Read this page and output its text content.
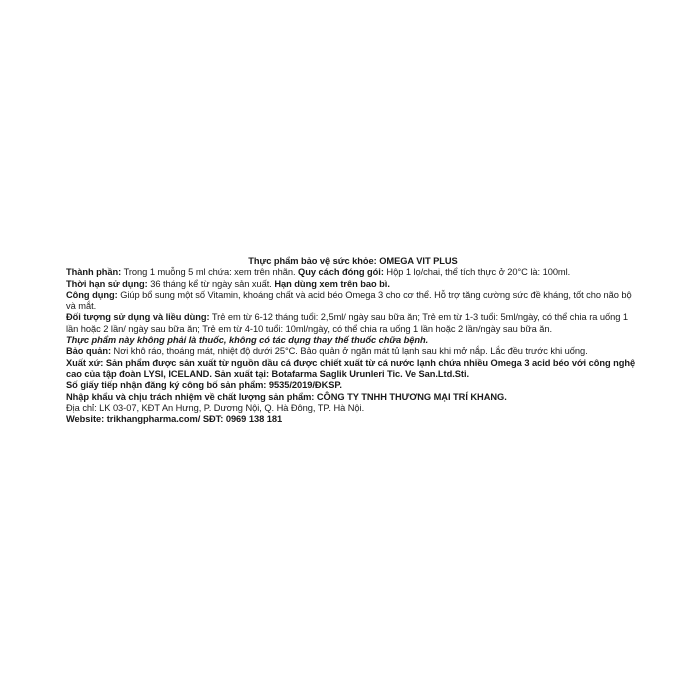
Thực phẩm bảo vệ sức khỏe: OMEGA VIT PLUS
Thành phần: Trong 1 muỗng 5 ml chứa: xem trên nhãn. Quy cách đóng gói: Hộp 1 lọ/chai, thể tích thực ở 20°C là: 100ml.
Thời hạn sử dụng: 36 tháng kể từ ngày sản xuất. Hạn dùng xem trên bao bì.
Công dụng: Giúp bổ sung một số Vitamin, khoáng chất và acid béo Omega 3 cho cơ thể. Hỗ trợ tăng cường sức đề kháng, tốt cho não bộ và mắt.
Đối tượng sử dụng và liều dùng: Trẻ em từ 6-12 tháng tuổi: 2,5ml/ ngày sau bữa ăn; Trẻ em từ 1-3 tuổi: 5ml/ngày, có thể chia ra uống 1 lần hoặc 2 lần/ ngày sau bữa ăn; Trẻ em từ 4-10 tuổi: 10ml/ngày, có thể chia ra uống 1 lần hoặc 2 lần/ngày sau bữa ăn.
Thực phẩm này không phải là thuốc, không có tác dụng thay thế thuốc chữa bệnh.
Bảo quản: Nơi khô ráo, thoáng mát, nhiệt độ dưới 25°C. Bảo quản ở ngăn mát tủ lạnh sau khi mở nắp. Lắc đều trước khi uống.
Xuất xứ: Sản phẩm được sản xuất từ nguồn dầu cá được chiết xuất từ cá nước lạnh chứa nhiều Omega 3 acid béo với công nghệ cao của tập đoàn LYSI, ICELAND. Sản xuất tại: Botafarma Saglik Urunleri Tic. Ve San.Ltd.Sti.
Số giấy tiếp nhận đăng ký công bố sản phẩm: 9535/2019/ĐKSP.
Nhập khẩu và chịu trách nhiệm về chất lượng sản phẩm: CÔNG TY TNHH THƯƠNG MẠI TRÍ KHANG.
Địa chỉ: LK 03-07, KĐT An Hưng, P. Dương Nội, Q. Hà Đông, TP. Hà Nội.
Website: trikhangpharma.com/ SĐT: 0969 138 181
